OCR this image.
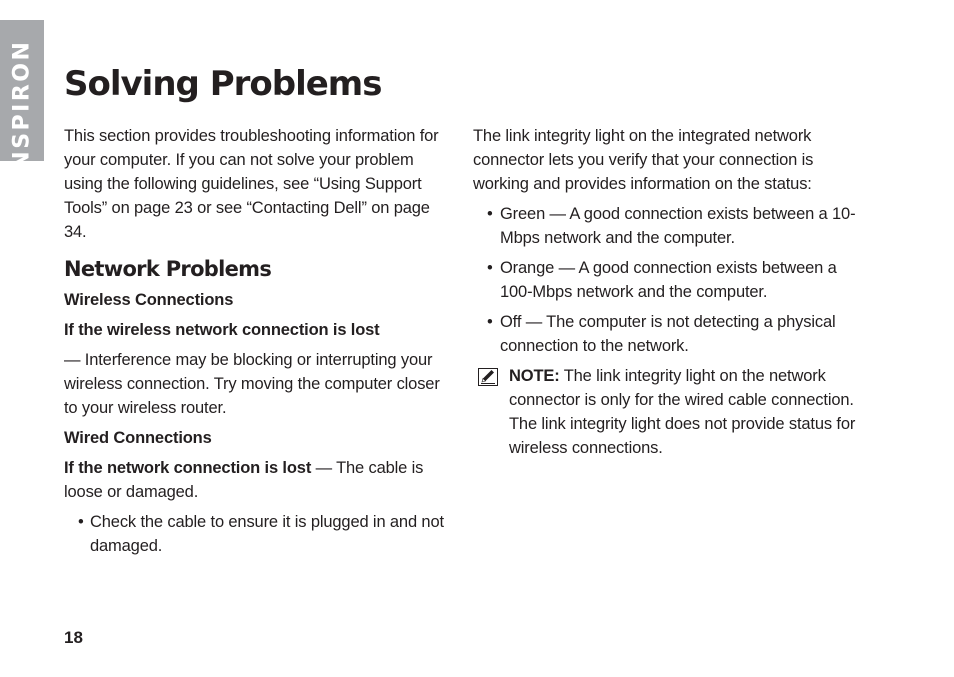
INSPIRON Solving Problems

This section provides troubleshooting information for your computer. If you can not solve your problem using the following guidelines, see “Using Support Tools” on page 23 or see “Contacting Dell” on page 34.

Network Problems

Wireless Connections

If the wireless network connection is lost

— Interference may be blocking or interrupting your wireless connection. Try moving the computer closer to your wireless router.

Wired Connections

If the network connection is lost — The cable is loose or damaged.

• Check the cable to ensure it is plugged in and not damaged.

The link integrity light on the integrated network connector lets you verify that your connection is working and provides information on the status:

• Green — A good connection exists between a 10-Mbps network and the computer.
• Orange — A good connection exists between a 100-Mbps network and the computer.
• Off — The computer is not detecting a physical connection to the network.
NOTE: The link integrity light on the network connector is only for the wired cable connection. The link integrity light does not provide status for wireless connections.
18
